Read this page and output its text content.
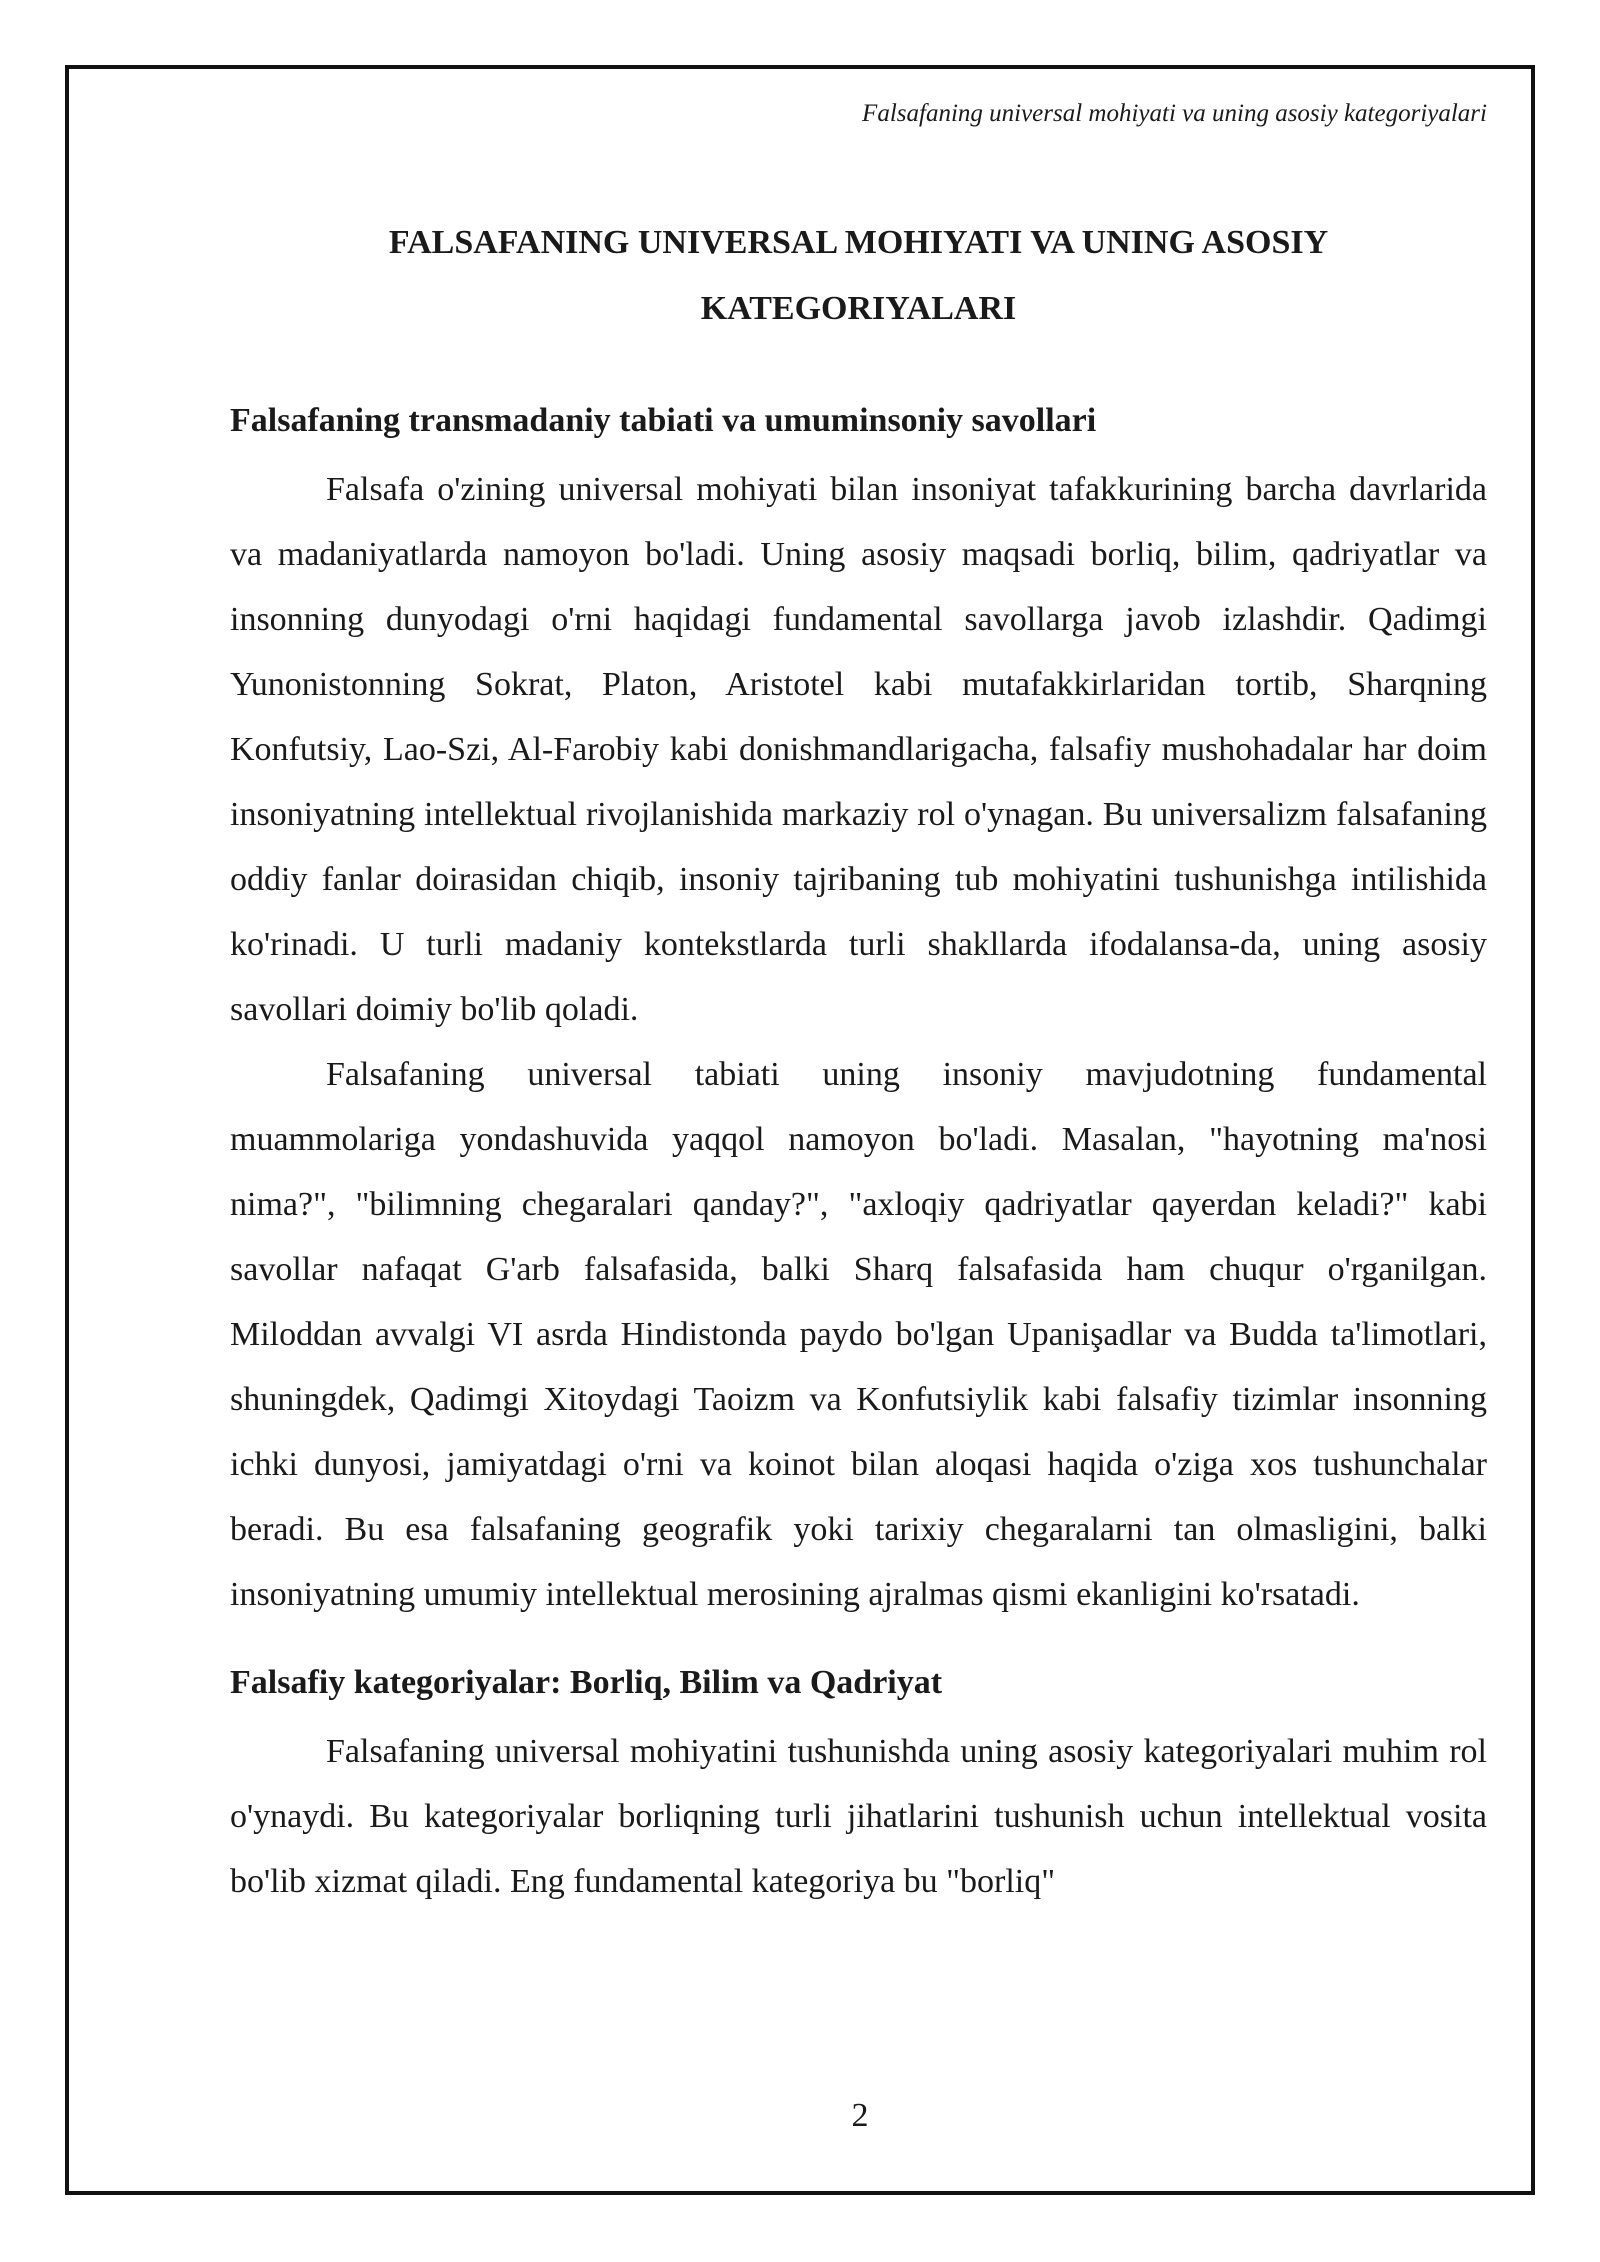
Falsafaning universal mohiyati va uning asosiy kategoriyalari
FALSAFANING UNIVERSAL MOHIYATI VA UNING ASOSIY
KATEGORIYALARI
Falsafaning transmadaniy tabiati va umuminsoniy savollari

Falsafa o'zining universal mohiyati bilan insoniyat tafakkurining barcha davrlarida va madaniyatlarda namoyon bo'ladi. Uning asosiy maqsadi borliq, bilim, qadriyatlar va insonning dunyodagi o'rni haqidagi fundamental savollarga javob izlashdir. Qadimgi Yunonistonning Sokrat, Platon, Aristotel kabi mutafakkirlaridan tortib, Sharqning Konfutsiy, Lao-Szi, Al-Farobiy kabi donishmandlarigacha, falsafiy mushohadalar har doim insoniyatning intellektual rivojlanishida markaziy rol o'ynagan. Bu universalizm falsafaning oddiy fanlar doirasidan chiqib, insoniy tajribaning tub mohiyatini tushunishga intilishida ko'rinadi. U turli madaniy kontekstlarda turli shakllarda ifodalansa-da, uning asosiy savollari doimiy bo'lib qoladi.

Falsafaning universal tabiati uning insoniy mavjudotning fundamental muammolariga yondashuvida yaqqol namoyon bo'ladi. Masalan, "hayotning ma'nosi nima?", "bilimning chegaralari qanday?", "axloqiy qadriyatlar qayerdan keladi?" kabi savollar nafaqat G'arb falsafasida, balki Sharq falsafasida ham chuqur o'rganilgan. Miloddan avvalgi VI asrda Hindistonda paydo bo'lgan Upanişadlar va Budda ta'limotlari, shuningdek, Qadimgi Xitoydagi Taoizm va Konfutsiylik kabi falsafiy tizimlar insonning ichki dunyosi, jamiyatdagi o'rni va koinot bilan aloqasi haqida o'ziga xos tushunchalar beradi. Bu esa falsafaning geografik yoki tarixiy chegaralarni tan olmasligini, balki insoniyatning umumiy intellektual merosining ajralmas qismi ekanligini ko'rsatadi.

Falsafiy kategoriyalar: Borliq, Bilim va Qadriyat

Falsafaning universal mohiyatini tushunishda uning asosiy kategoriyalari muhim rol o'ynaydi. Bu kategoriyalar borliqning turli jihatlarini tushunish uchun intellektual vosita bo'lib xizmat qiladi. Eng fundamental kategoriya bu "borliq"

2
